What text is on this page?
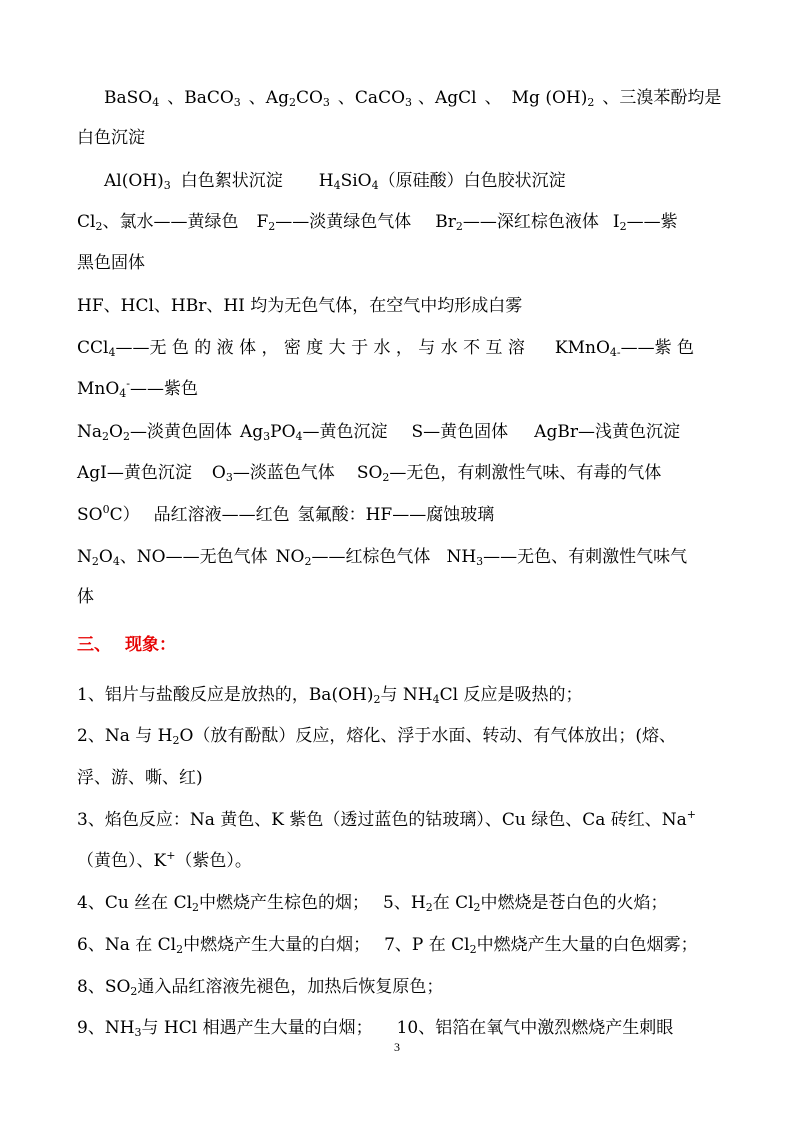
BaSO$_4$ 、BaCO$_3$ 、$Ag_2CO_3$ 、CaCO$_3$ 、AgCl 、 Mg $(OH)_2$ 、三溴苯酚均是
白色沉淀
$Al(OH)_3$ 白色絮状沉淀 $H_4SiO_4$（原硅酸）白色胶状沉淀
$Cl_2$、氯水——黄绿色 $F_2——$淡黄绿色气体 $Br_2——$深红棕色液体 $I_2——$紫
黑色固体
HF、HCl、HBr、HI 均为无色气体，在空气中均形成白雾
CCl$_4$——无 色 的 液 体 ， 密 度 大 于 水 ， 与 水 不 互 溶 KMnO$_{4-}$——紫 色
MnO$_4$-——紫色
$Na_2O_2—$淡黄色固体 $Ag_3PO_4—$黄色沉淀 S—黄色固体 AgBr—浅黄色沉淀
AgI—黄色沉淀 $O_3—$淡蓝色气体 $SO_2—$无色，有刺激性气味、有毒的气体
$SO^0C$） 品红溶液——红色 氢氟酸：HF——腐蚀玻璃
$N_2O_4$、NO——无色气体 $NO_2——$红棕色气体 $NH_3——$无色、有刺激性气味气
体
三、 现象：
1、铝片与盐酸反应是放热的，$Ba(OH)_2$与 $NH_4Cl$ 反应是吸热的；
2、Na 与 $H_2O$（放有酚酞）反应，熔化、浮于水面、转动、有气体放出；(熔、
浮、游、嘶、红)
3、焰色反应：Na 黄色、K 紫色（透过蓝色的钴玻璃）、Cu 绿色、Ca 砖红、Na+
（黄色）、K+（紫色）。
4、Cu 丝在 $Cl_2$中燃烧产生棕色的烟； 5、$H_2$在 $Cl_2$中燃烧是苍白色的火焰；
6、Na 在 $Cl_2$中燃烧产生大量的白烟； 7、P 在 $Cl_2$中燃烧产生大量的白色烟雾；
8、$SO_2$通入品红溶液先褪色，加热后恢复原色；
9、$NH_3$与 HCl 相遇产生大量的白烟； 10、铝箔在氧气中激烈燃烧产生刺眼
3
